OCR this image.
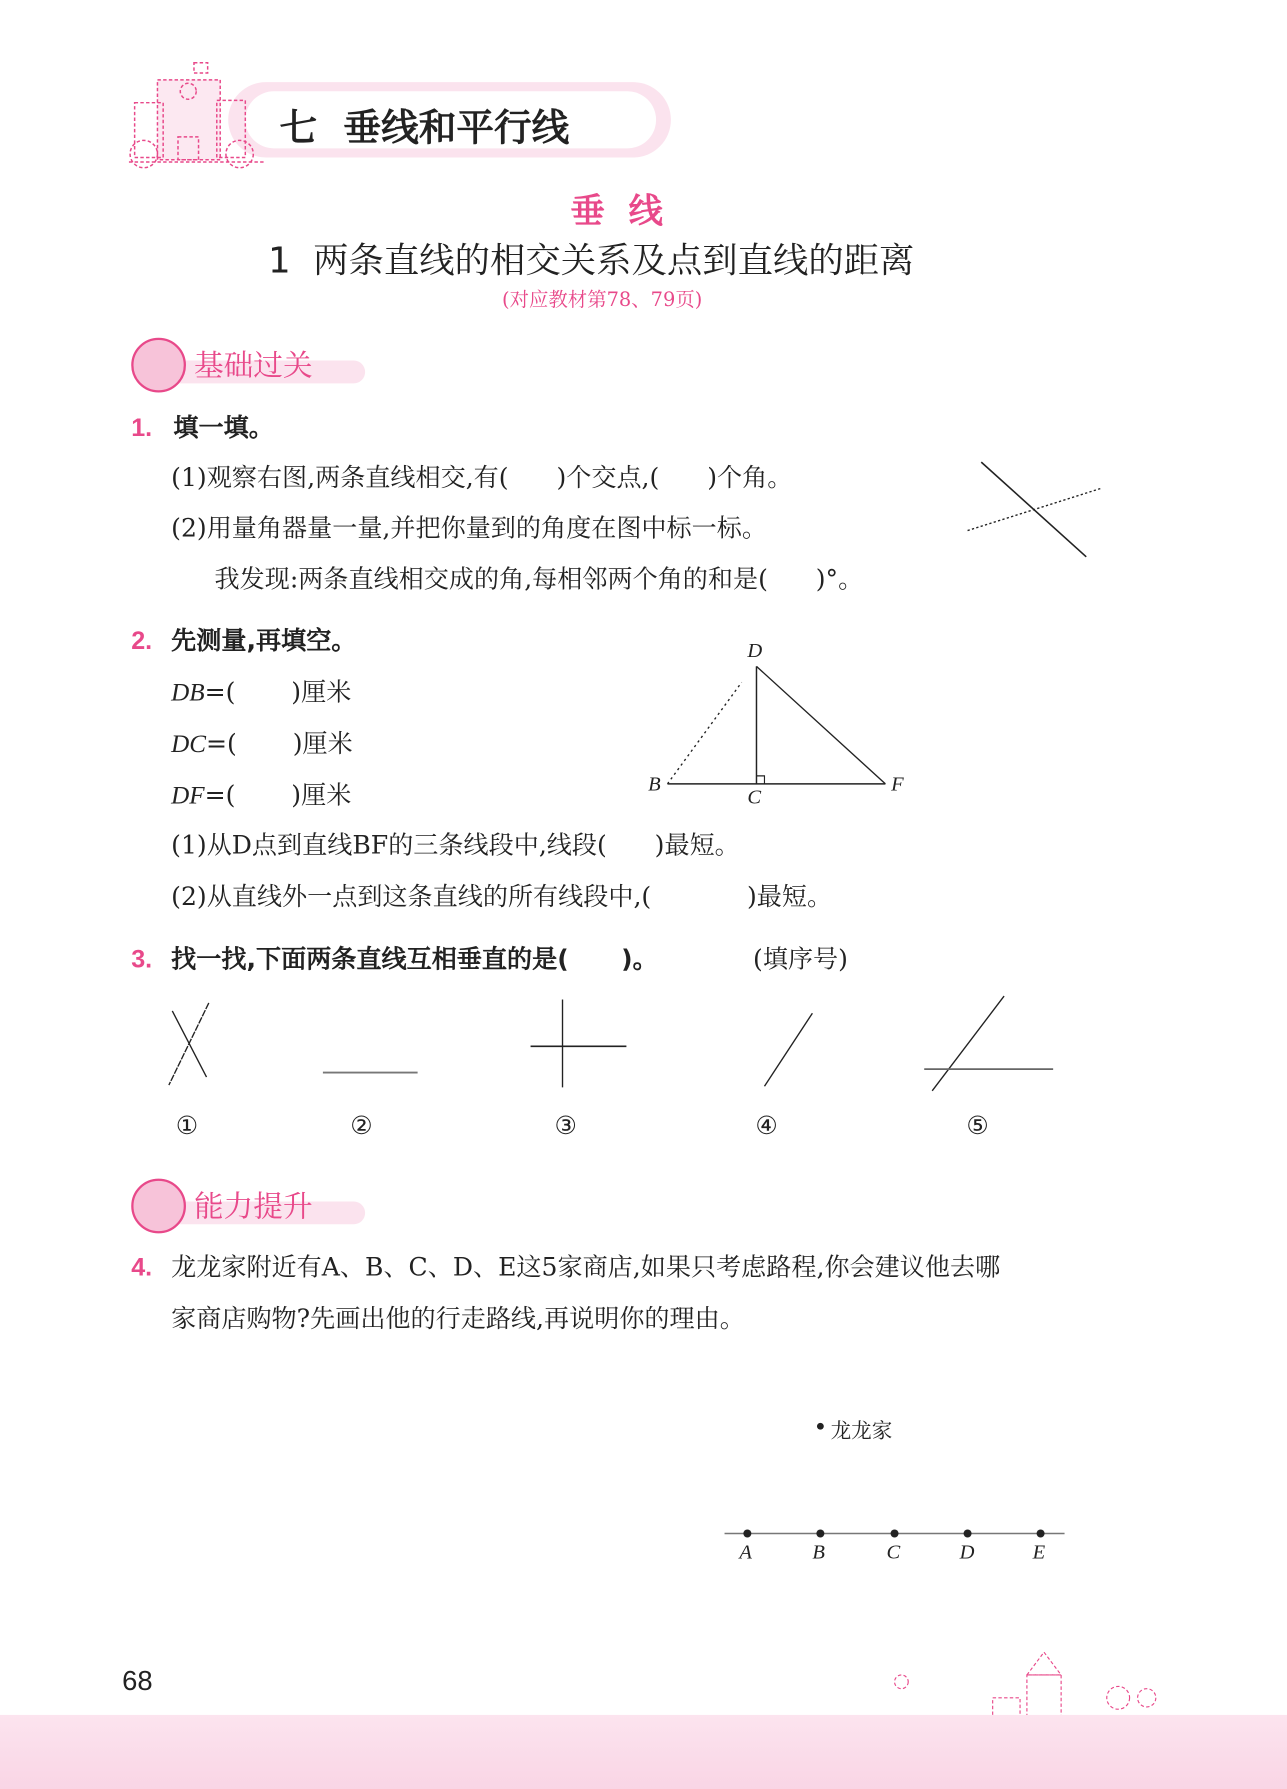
七  垂线和平行线
垂  线
1  两条直线的相交关系及点到直线的距离
(对应教材第78、79页)
基础过关
1. 填一填。
(1)观察右图,两条直线相交,有(      )个交点,(      )个角。
(2)用量角器量一量,并把你量到的角度在图中标一标。
我发现:两条直线相交成的角,每相邻两个角的和是(      )°。
2. 先测量,再填空。
DB=(       )厘米
DC=(       )厘米
DF=(       )厘米
(1)从D点到直线BF的三条线段中,线段(      )最短。
(2)从直线外一点到这条直线的所有线段中,(            )最短。
D
B
C
F
3. 找一找,下面两条直线互相垂直的是(      )。	(填序号)
①	②	③	④	⑤
能力提升
4. 龙龙家附近有A、B、C、D、E这5家商店,如果只考虑路程,你会建议他去哪
家商店购物?先画出他的行走路线,再说明你的理由。
龙龙家
A	B	C	D	E
68
